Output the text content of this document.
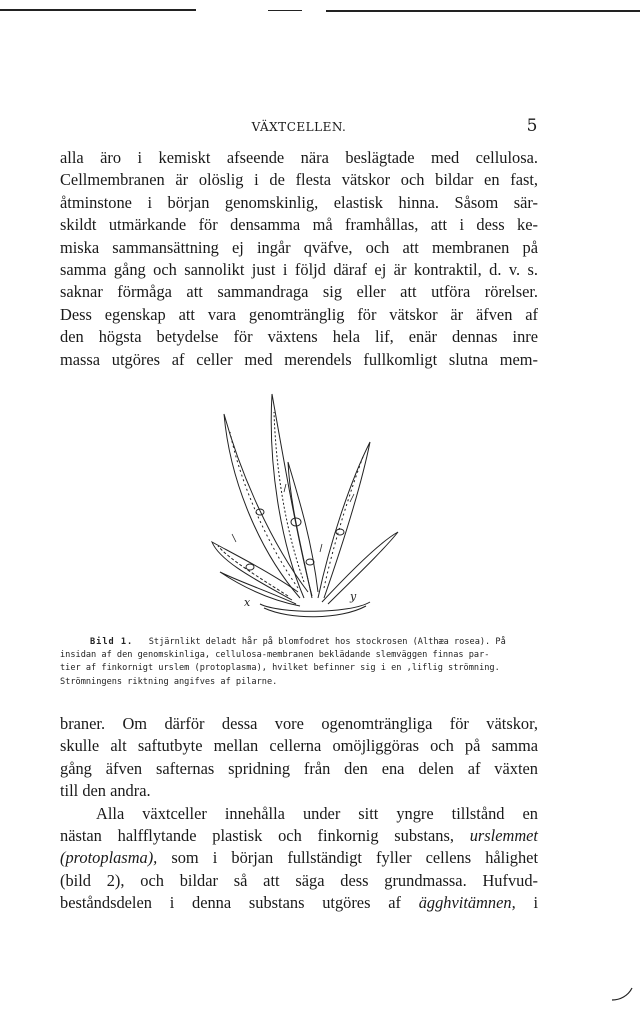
VÄXTCELLEN.	5
alla äro i kemiskt afseende nära beslägtade med cellulosa.
Cellmembranen är olöslig i de flesta vätskor och bildar en fast,
åtminstone i början genomskinlig, elastisk hinna. Såsom sär-
skildt utmärkande för densamma må framhållas, att i dess ke-
miska sammansättning ej ingår qväfve, och att membranen på
samma gång och sannolikt just i följd däraf ej är kontraktil, d. v. s.
saknar förmåga att sammandraga sig eller att utföra rörelser.
Dess egenskap att vara genomtränglig för vätskor är äfven af
den högsta betydelse för växtens hela lif, enär dennas inre
massa utgöres af celler med merendels fullkomligt slutna mem-
x	y
Bild 1. Stjärnlikt deladt hår på blomfodret hos stockrosen (Althæa rosea). På
insidan af den genomskinliga, cellulosa-membranen beklädande slemväggen finnas par-
tier af finkornigt urslem (protoplasma), hvilket befinner sig i en ,liflig strömning.
Strömningens riktning angifves af pilarne.
braner. Om därför dessa vore ogenomträngliga för vätskor,
skulle alt saftutbyte mellan cellerna omöjliggöras och på samma
gång äfven safternas spridning från den ena delen af växten
till den andra.
Alla växtceller innehålla under sitt yngre tillstånd en
nästan halfflytande plastisk och finkornig substans, urslemmet
(protoplasma), som i början fullständigt fyller cellens hålighet
(bild 2), och bildar så att säga dess grundmassa. Hufvud-
beståndsdelen i denna substans utgöres af ägghvitämnen, i
